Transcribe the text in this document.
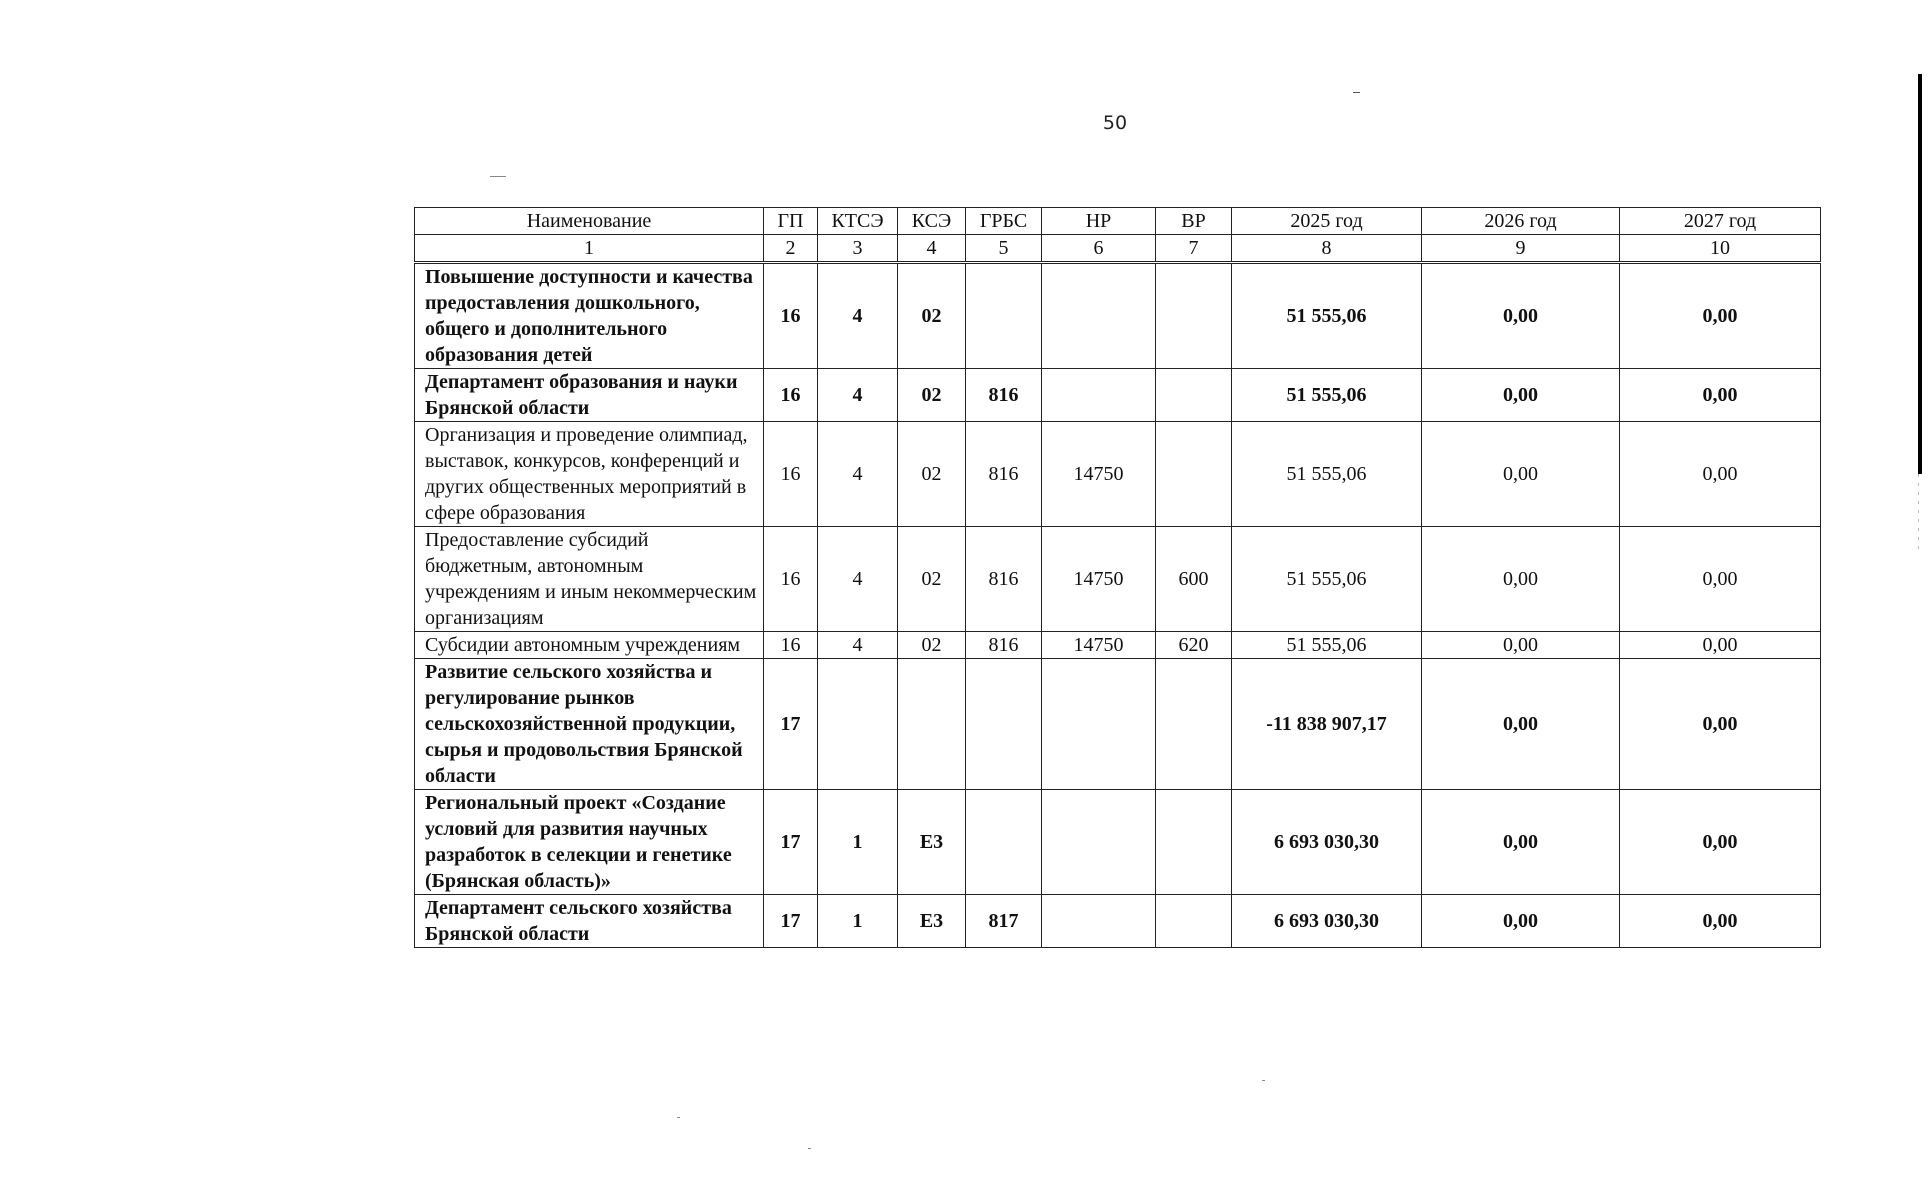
50
Наименование	ГП	КТСЭ	КСЭ	ГРБС	НР	ВР	2025 год	2026 год	2027 год
1	2	3	4	5	6	7	8	9	10
Повышение доступности и качества предоставления дошкольного, общего и дополнительного образования детей	16	4	02				51 555,06	0,00	0,00
Департамент образования и науки Брянской области	16	4	02	816			51 555,06	0,00	0,00
Организация и проведение олимпиад, выставок, конкурсов, конференций и других общественных мероприятий в сфере образования	16	4	02	816	14750		51 555,06	0,00	0,00
Предоставление субсидий бюджетным, автономным учреждениям и иным некоммерческим организациям	16	4	02	816	14750	600	51 555,06	0,00	0,00
Субсидии автономным учреждениям	16	4	02	816	14750	620	51 555,06	0,00	0,00
Развитие сельского хозяйства и регулирование рынков сельскохозяйственной продукции, сырья и продовольствия Брянской области	17						-11 838 907,17	0,00	0,00
Региональный проект «Создание условий для развития научных разработок в селекции и генетике (Брянская область)»	17	1	Е3				6 693 030,30	0,00	0,00
Департамент сельского хозяйства Брянской области	17	1	Е3	817			6 693 030,30	0,00	0,00
